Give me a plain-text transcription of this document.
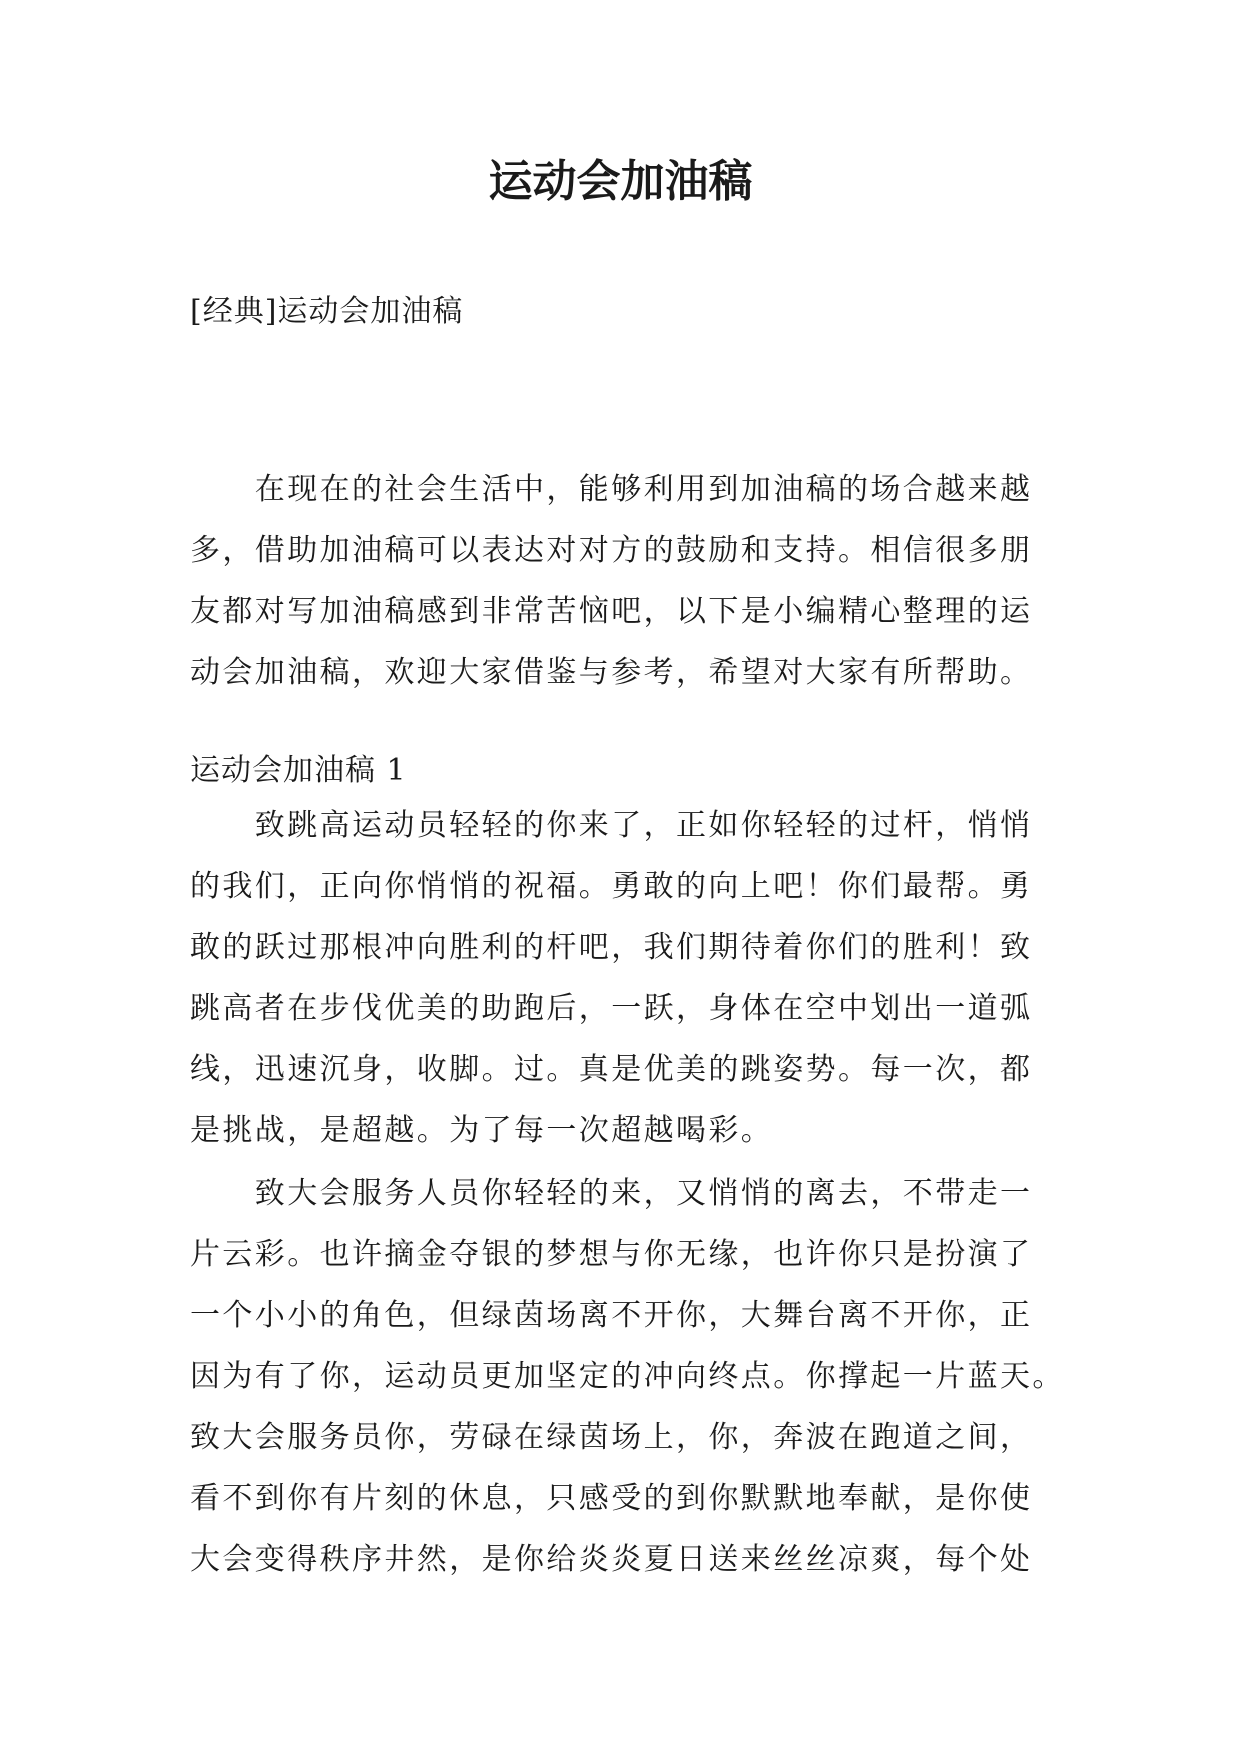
运动会加油稿

[经典]运动会加油稿

　　在现在的社会生活中，能够利用到加油稿的场合越来越
多，借助加油稿可以表达对对方的鼓励和支持。相信很多朋
友都对写加油稿感到非常苦恼吧，以下是小编精心整理的运
动会加油稿，欢迎大家借鉴与参考，希望对大家有所帮助。

运动会加油稿 1

　　致跳高运动员轻轻的你来了，正如你轻轻的过杆，悄悄
的我们，正向你悄悄的祝福。勇敢的向上吧！你们最帮。勇
敢的跃过那根冲向胜利的杆吧，我们期待着你们的胜利！致
跳高者在步伐优美的助跑后，一跃，身体在空中划出一道弧
线，迅速沉身，收脚。过。真是优美的跳姿势。每一次，都
是挑战，是超越。为了每一次超越喝彩。
　　致大会服务人员你轻轻的来，又悄悄的离去，不带走一
片云彩。也许摘金夺银的梦想与你无缘，也许你只是扮演了
一个小小的角色，但绿茵场离不开你，大舞台离不开你，正
因为有了你，运动员更加坚定的冲向终点。你撑起一片蓝天。
致大会服务员你，劳碌在绿茵场上，你，奔波在跑道之间，
看不到你有片刻的休息，只感受的到你默默地奉献，是你使
大会变得秩序井然，是你给炎炎夏日送来丝丝凉爽，每个处
